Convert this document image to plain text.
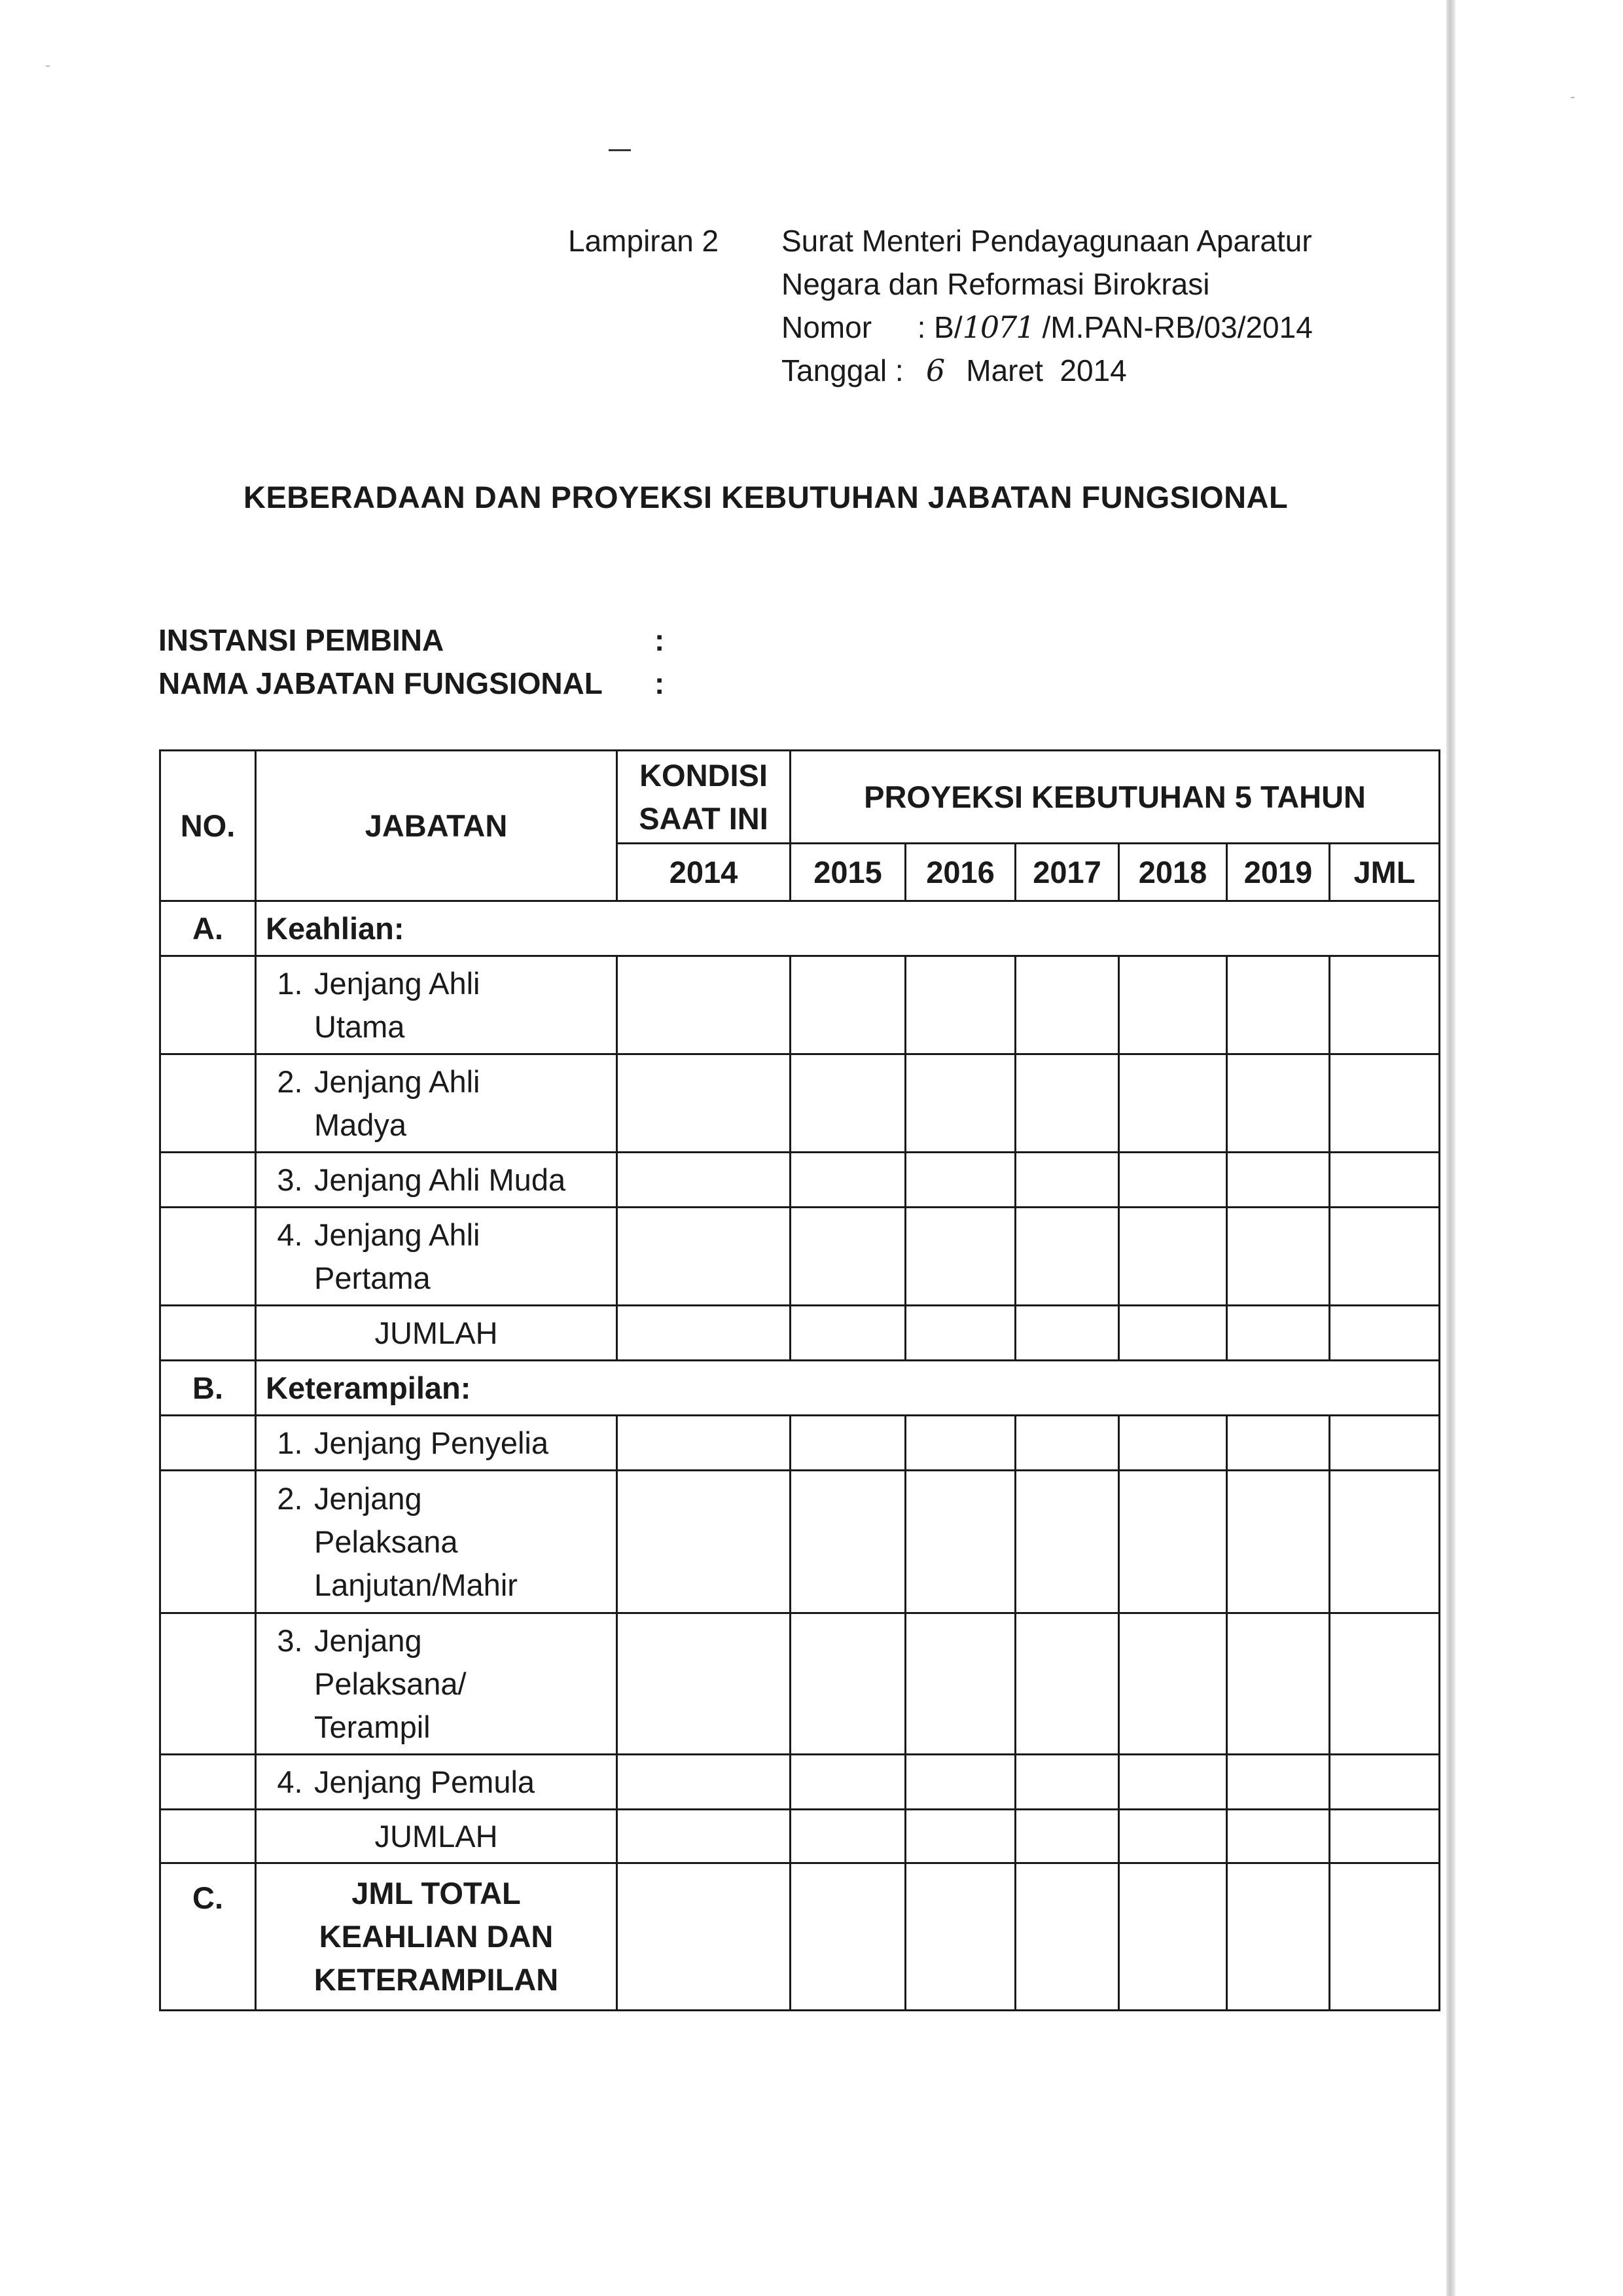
Lampiran 2 Surat Menteri Pendayagunaan Aparatur
Negara dan Reformasi Birokrasi
Nomor : B/1071 /M.PAN-RB/03/2014
Tanggal : 6 Maret  2014
KEBERADAAN DAN PROYEKSI KEBUTUHAN JABATAN FUNGSIONAL
INSTANSI PEMBINA	:
NAMA JABATAN FUNGSIONAL :
NO.	JABATAN	KONDISI SAAT INI	PROYEKSI KEBUTUHAN 5 TAHUN					
		2014	2015	2016	2017	2018	2019	JML
A.	Keahlian:							
	1. Jenjang Ahli
Utama							
	2. Jenjang Ahli
Madya							
	3. Jenjang Ahli Muda							
	4. Jenjang Ahli
Pertama							
	JUMLAH							
B.	Keterampilan:							
	1. Jenjang Penyelia							
	2. Jenjang
Pelaksana
Lanjutan/Mahir							
	3. Jenjang
Pelaksana/
Terampil							
	4. Jenjang Pemula							
	JUMLAH							
C.	JML TOTAL
KEAHLIAN DAN
KETERAMPILAN							
